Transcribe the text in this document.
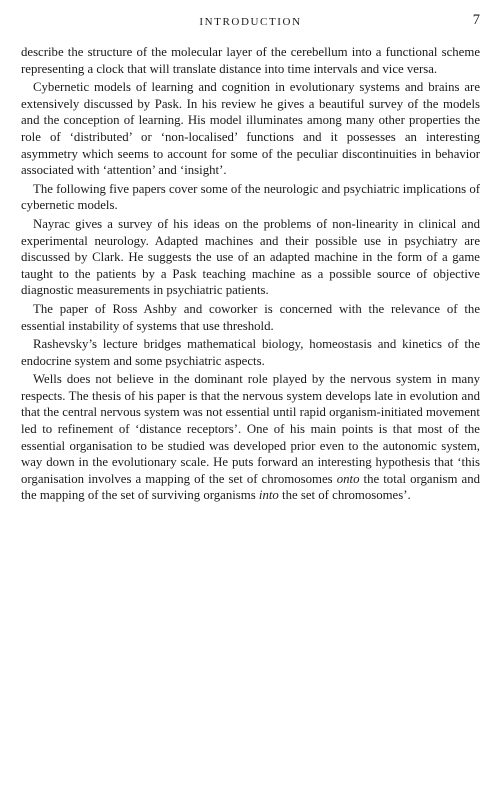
INTRODUCTION	7

describe the structure of the molecular layer of the cerebellum into a functional scheme representing a clock that will translate distance into time intervals and vice versa.

Cybernetic models of learning and cognition in evolutionary systems and brains are extensively discussed by Pask. In his review he gives a beautiful survey of the models and the conception of learning. His model illuminates among many other properties the role of ‘distributed’ or ‘non-localised’ functions and it possesses an interesting asymmetry which seems to account for some of the peculiar discontinuities in behavior associated with ‘attention’ and ‘insight’.

The following five papers cover some of the neurologic and psychiatric implications of cybernetic models.

Nayrac gives a survey of his ideas on the problems of non-linearity in clinical and experimental neurology. Adapted machines and their possible use in psychiatry are discussed by Clark. He suggests the use of an adapted machine in the form of a game taught to the patients by a Pask teaching machine as a possible source of objective diagnostic measurements in psychiatric patients.

The paper of Ross Ashby and coworker is concerned with the relevance of the essential instability of systems that use threshold.

Rashevsky’s lecture bridges mathematical biology, homeostasis and kinetics of the endocrine system and some psychiatric aspects.

Wells does not believe in the dominant role played by the nervous system in many respects. The thesis of his paper is that the nervous system develops late in evolution and that the central nervous system was not essential until rapid organism-initiated movement led to refinement of ‘distance receptors’. One of his main points is that most of the essential organisation to be studied was developed prior even to the autonomic system, way down in the evolutionary scale. He puts forward an interesting hypothesis that ‘this organisation involves a mapping of the set of chromosomes onto the total organism and the mapping of the set of surviving organisms into the set of chromosomes’.
